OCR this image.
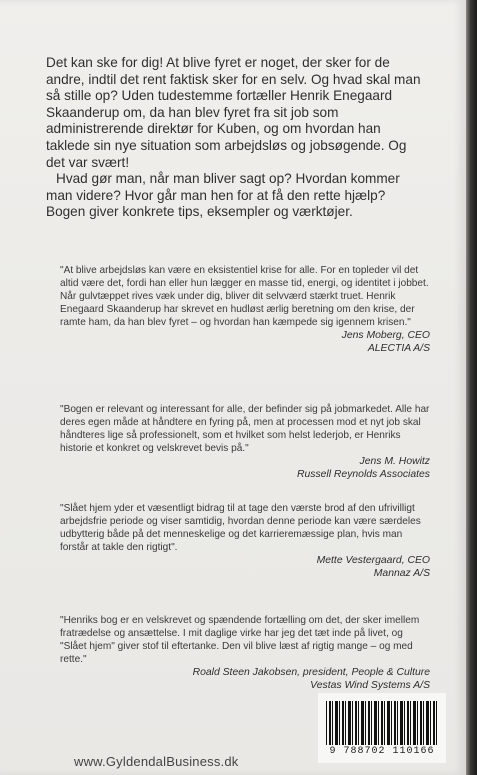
Det kan ske for dig! At blive fyret er noget, der sker for de andre, indtil det rent faktisk sker for en selv. Og hvad skal man så stille op? Uden tudestemme fortæller Henrik Enegaard Skaanderup om, da han blev fyret fra sit job som administrerende direktør for Kuben, og om hvordan han taklede sin nye situation som arbejdsløs og jobsøgende. Og det var svært!

Hvad gør man, når man bliver sagt op? Hvordan kommer man videre? Hvor går man hen for at få den rette hjælp? Bogen giver konkrete tips, eksempler og værktøjer.

"At blive arbejdsløs kan være en eksistentiel krise for alle. For en topleder vil det altid være det, fordi han eller hun lægger en masse tid, energi, og identitet i jobbet. Når gulvtæppet rives væk under dig, bliver dit selvværd stærkt truet. Henrik Enegaard Skaanderup har skrevet en hudløst ærlig beretning om den krise, der ramte ham, da han blev fyret – og hvordan han kæmpede sig igennem krisen."

Jens Moberg, CEO
ALECTIA A/S

"Bogen er relevant og interessant for alle, der befinder sig på jobmarkedet. Alle har deres egen måde at håndtere en fyring på, men at processen mod et nyt job skal håndteres lige så professionelt, som et hvilket som helst lederjob, er Henriks historie et konkret og velskrevet bevis på."

Jens M. Howitz
Russell Reynolds Associates

"Slået hjem yder et væsentligt bidrag til at tage den værste brod af den ufrivilligt arbejdsfrie periode og viser samtidig, hvordan denne periode kan være særdeles udbytterig både på det menneskelige og det karrieremæssige plan, hvis man forstår at takle den rigtigt".

Mette Vestergaard, CEO
Mannaz A/S

"Henriks bog er en velskrevet og spændende fortælling om det, der sker imellem fratrædelse og ansættelse. I mit daglige virke har jeg det tæt inde på livet, og "Slået hjem" giver stof til eftertanke. Den vil blive læst af rigtig mange – og med rette."

Roald Steen Jakobsen, president, People & Culture
Vestas Wind Systems A/S
9 788702 110166
www.GyldendalBusiness.dk
